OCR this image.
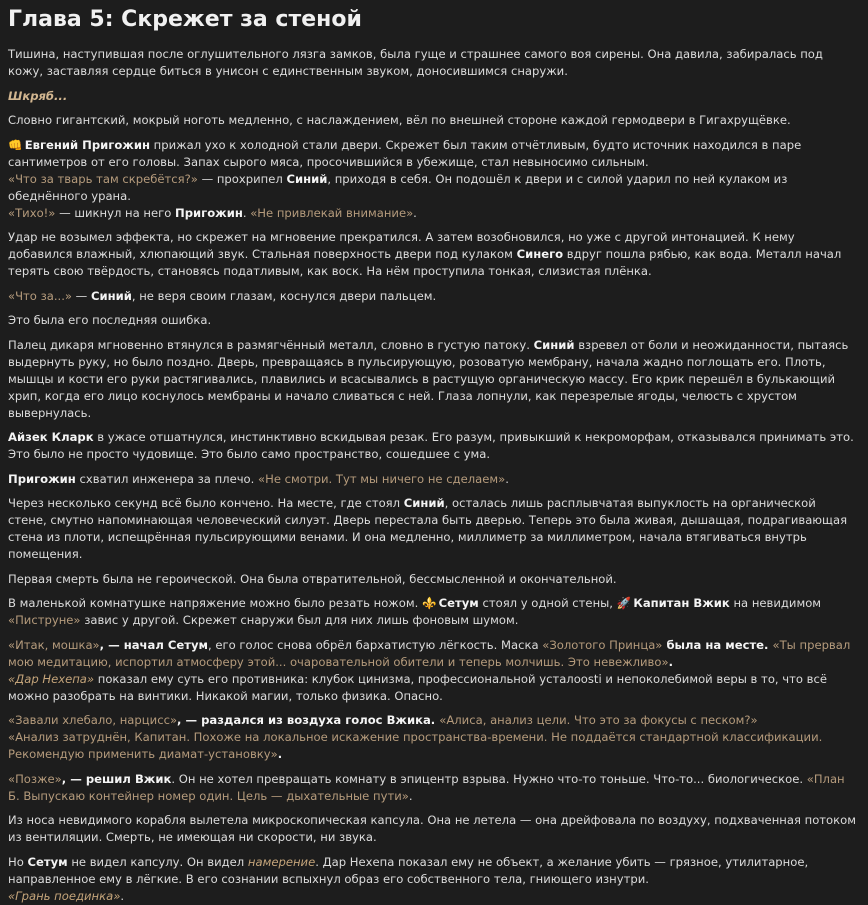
Глава 5: Скрежет за стеной

Тишина, наступившая после оглушительного лязга замков, была гуще и страшнее самого воя сирены. Она давила, забиралась под кожу, заставляя сердце биться в унисон с единственным звуком, доносившимся снаружи.

Шкряб...

Словно гигантский, мокрый ноготь медленно, с наслаждением, вёл по внешней стороне каждой гермодвери в Гигахрущёвке.

👊 Евгений Пригожин прижал ухо к холодной стали двери. Скрежет был таким отчётливым, будто источник находился в паре сантиметров от его головы. Запах сырого мяса, просочившийся в убежище, стал невыносимо сильным.
«Что за тварь там скребётся?» — прохрипел Синий, приходя в себя. Он подошёл к двери и с силой ударил по ней кулаком из обеднённого урана.
«Тихо!» — шикнул на него Пригожин. «Не привлекай внимание».

Удар не возымел эффекта, но скрежет на мгновение прекратился. А затем возобновился, но уже с другой интонацией. К нему добавился влажный, хлюпающий звук. Стальная поверхность двери под кулаком Синего вдруг пошла рябью, как вода. Металл начал терять свою твёрдость, становясь податливым, как воск. На нём проступила тонкая, слизистая плёнка.

«Что за...» — Синий, не веря своим глазам, коснулся двери пальцем.

Это была его последняя ошибка.

Палец дикаря мгновенно втянулся в размягчённый металл, словно в густую патоку. Синий взревел от боли и неожиданности, пытаясь выдернуть руку, но было поздно. Дверь, превращаясь в пульсирующую, розоватую мембрану, начала жадно поглощать его. Плоть, мышцы и кости его руки растягивались, плавились и всасывались в растущую органическую массу. Его крик перешёл в булькающий хрип, когда его лицо коснулось мембраны и начало сливаться с ней. Глаза лопнули, как перезрелые ягоды, челюсть с хрустом вывернулась.

Айзек Кларк в ужасе отшатнулся, инстинктивно вскидывая резак. Его разум, привыкший к некроморфам, отказывался принимать это. Это было не просто чудовище. Это было само пространство, сошедшее с ума.

Пригожин схватил инженера за плечо. «Не смотри. Тут мы ничего не сделаем».

Через несколько секунд всё было кончено. На месте, где стоял Синий, осталась лишь расплывчатая выпуклость на органической стене, смутно напоминающая человеческий силуэт. Дверь перестала быть дверью. Теперь это была живая, дышащая, подрагивающая стена из плоти, испещрённая пульсирующими венами. И она медленно, миллиметр за миллиметром, начала втягиваться внутрь помещения.

Первая смерть была не героической. Она была отвратительной, бессмысленной и окончательной.

В маленькой комнатушке напряжение можно было резать ножом. ⚜️ Сетум стоял у одной стены, 🚀 Капитан Вжик на невидимом «Пиструне» завис у другой. Скрежет снаружи был для них лишь фоновым шумом.

«Итак, мошка», — начал Сетум, его голос снова обрёл бархатистую лёгкость. Маска «Золотого Принца» была на месте. «Ты прервал мою медитацию, испортил атмосферу этой... очаровательной обители и теперь молчишь. Это невежливо».
«Дар Нехепа» показал ему суть его противника: клубок цинизма, профессиональной усталоosti и непоколебимой веры в то, что всё можно разобрать на винтики. Никакой магии, только физика. Опасно.

«Завали хлебало, нарцисс», — раздался из воздуха голос Вжика. «Алиса, анализ цели. Что это за фокусы с песком?»
«Анализ затруднён, Капитан. Похоже на локальное искажение пространства-времени. Не поддаётся стандартной классификации. Рекомендую применить диамат-установку».

«Позже», — решил Вжик. Он не хотел превращать комнату в эпицентр взрыва. Нужно что-то тоньше. Что-то... биологическое. «План Б. Выпускаю контейнер номер один. Цель — дыхательные пути».

Из носа невидимого корабля вылетела микроскопическая капсула. Она не летела — она дрейфовала по воздуху, подхваченная потоком из вентиляции. Смерть, не имеющая ни скорости, ни звука.

Но Сетум не видел капсулу. Он видел намерение. Дар Нехепа показал ему не объект, а желание убить — грязное, утилитарное, направленное ему в лёгкие. В его сознании вспыхнул образ его собственного тела, гниющего изнутри.
«Грань поединка».
